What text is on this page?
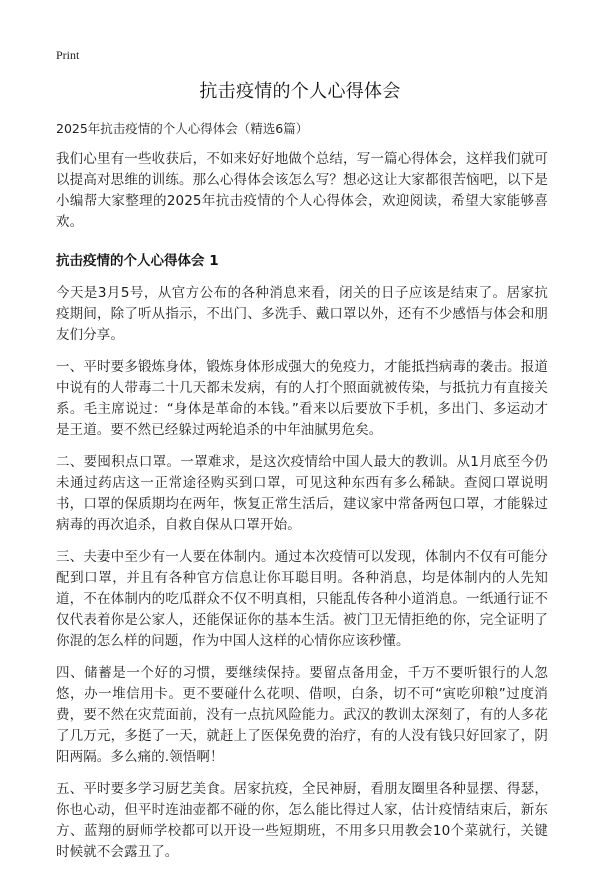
Print
抗击疫情的个人心得体会

2025年抗击疫情的个人心得体会（精选6篇）

我们心里有一些收获后，不如来好好地做个总结，写一篇心得体会，这样我们就可以提高对思维的训练。那么心得体会该怎么写？想必这让大家都很苦恼吧，以下是小编帮大家整理的2025年抗击疫情的个人心得体会，欢迎阅读，希望大家能够喜欢。

抗击疫情的个人心得体会 1

今天是3月5号，从官方公布的各种消息来看，闭关的日子应该是结束了。居家抗疫期间，除了听从指示，不出门、多洗手、戴口罩以外，还有不少感悟与体会和朋友们分享。

一、平时要多锻炼身体，锻炼身体形成强大的免疫力，才能抵挡病毒的袭击。报道中说有的人带毒二十几天都未发病，有的人打个照面就被传染，与抵抗力有直接关系。毛主席说过：“身体是革命的本钱。”看来以后要放下手机，多出门、多运动才是王道。要不然已经躲过两轮追杀的中年油腻男危矣。

二、要囤积点口罩。一罩难求，是这次疫情给中国人最大的教训。从1月底至今仍未通过药店这一正常途径购买到口罩，可见这种东西有多么稀缺。查阅口罩说明书，口罩的保质期均在两年，恢复正常生活后，建议家中常备两包口罩，才能躲过病毒的再次追杀，自救自保从口罩开始。

三、夫妻中至少有一人要在体制内。通过本次疫情可以发现，体制内不仅有可能分配到口罩，并且有各种官方信息让你耳聪目明。各种消息，均是体制内的人先知道，不在体制内的吃瓜群众不仅不明真相，只能乱传各种小道消息。一纸通行证不仅代表着你是公家人，还能保证你的基本生活。被门卫无情拒绝的你，完全证明了你混的怎么样的问题，作为中国人这样的心情你应该秒懂。

四、储蓄是一个好的习惯，要继续保持。要留点备用金，千万不要听银行的人忽悠，办一堆信用卡。更不要碰什么花呗、借呗，白条，切不可“寅吃卯粮”过度消费，要不然在灾荒面前，没有一点抗风险能力。武汉的教训太深刻了，有的人多花了几万元，多挺了一天，就赶上了医保免费的治疗，有的人没有钱只好回家了，阴阳两隔。多么痛的.领悟啊！

五、平时要多学习厨艺美食。居家抗疫，全民神厨，看朋友圈里各种显摆、得瑟，你也心动，但平时连油壶都不碰的你，怎么能比得过人家，估计疫情结束后，新东方、蓝翔的厨师学校都可以开设一些短期班，不用多只用教会10个菜就行，关键时候就不会露丑了。
